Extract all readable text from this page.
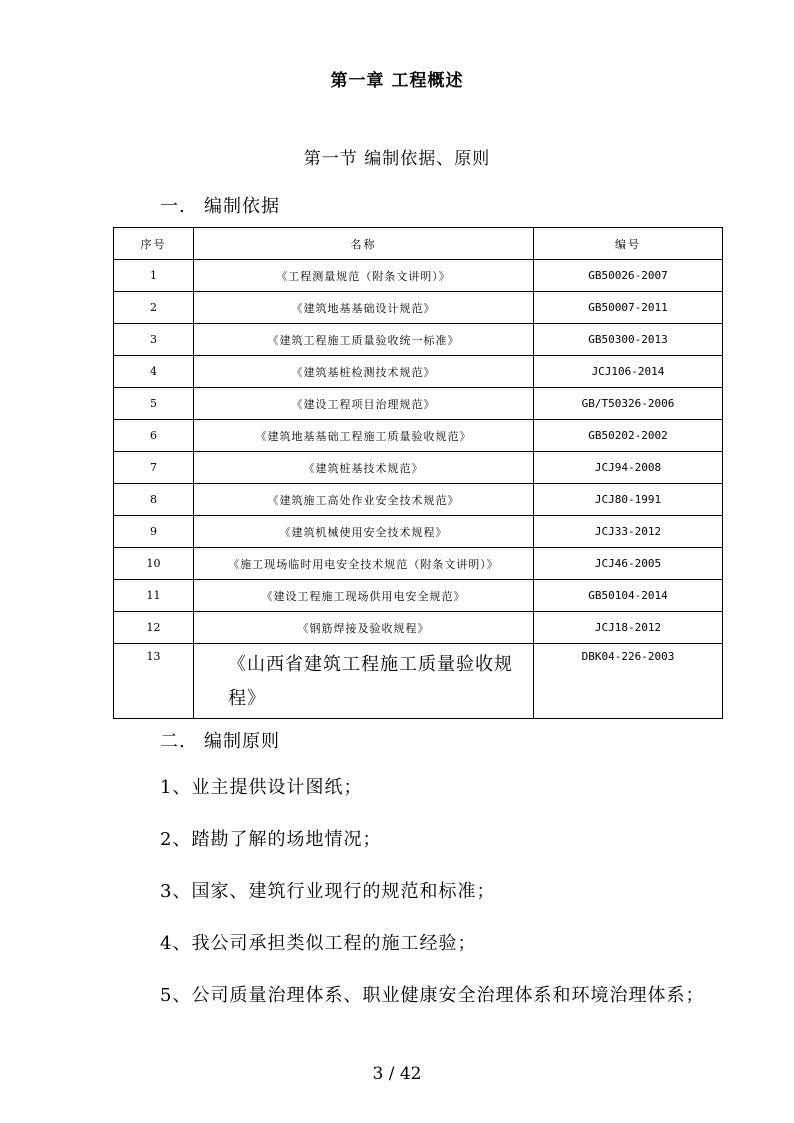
第一章 工程概述
第一节 编制依据、原则
一. 编制依据
序号	名称	编号
1	《工程测量规范（附条文讲明）》	GB50026-2007
2	《建筑地基基础设计规范》	GB50007-2011
3	《建筑工程施工质量验收统一标准》	GB50300-2013
4	《建筑基桩检测技术规范》	JCJ106-2014
5	《建设工程项目治理规范》	GB/T50326-2006
6	《建筑地基基础工程施工质量验收规范》	GB50202-2002
7	《建筑桩基技术规范》	JCJ94-2008
8	《建筑施工高处作业安全技术规范》	JCJ80-1991
9	《建筑机械使用安全技术规程》	JCJ33-2012
10	《施工现场临时用电安全技术规范（附条文讲明）》	JCJ46-2005
11	《建设工程施工现场供用电安全规范》	GB50104-2014
12	《钢筋焊接及验收规程》	JCJ18-2012
13	《山西省建筑工程施工质量验收规程》	DBK04-226-2003
二. 编制原则
1、业主提供设计图纸；
2、踏勘了解的场地情况；
3、国家、建筑行业现行的规范和标准；
4、我公司承担类似工程的施工经验；
5、公司质量治理体系、职业健康安全治理体系和环境治理体系；
3 / 42
